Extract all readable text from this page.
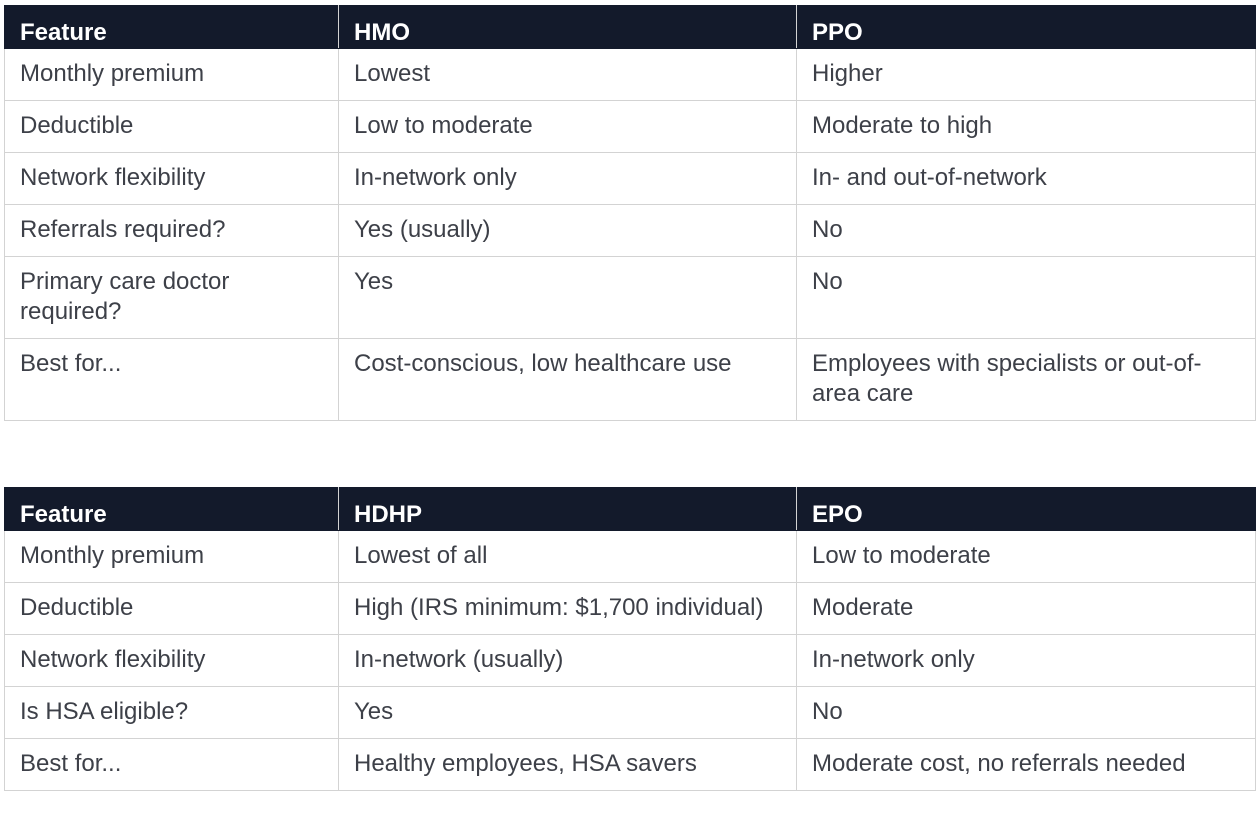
Feature	HMO	PPO
Monthly premium	Lowest	Higher
Deductible	Low to moderate	Moderate to high
Network flexibility	In-network only	In- and out-of-network
Referrals required?	Yes (usually)	No
Primary care doctor required?	Yes	No
Best for...	Cost-conscious, low healthcare use	Employees with specialists or out-of-area care
Feature	HDHP	EPO
Monthly premium	Lowest of all	Low to moderate
Deductible	High (IRS minimum: $1,700 individual)	Moderate
Network flexibility	In-network (usually)	In-network only
Is HSA eligible?	Yes	No
Best for...	Healthy employees, HSA savers	Moderate cost, no referrals needed
